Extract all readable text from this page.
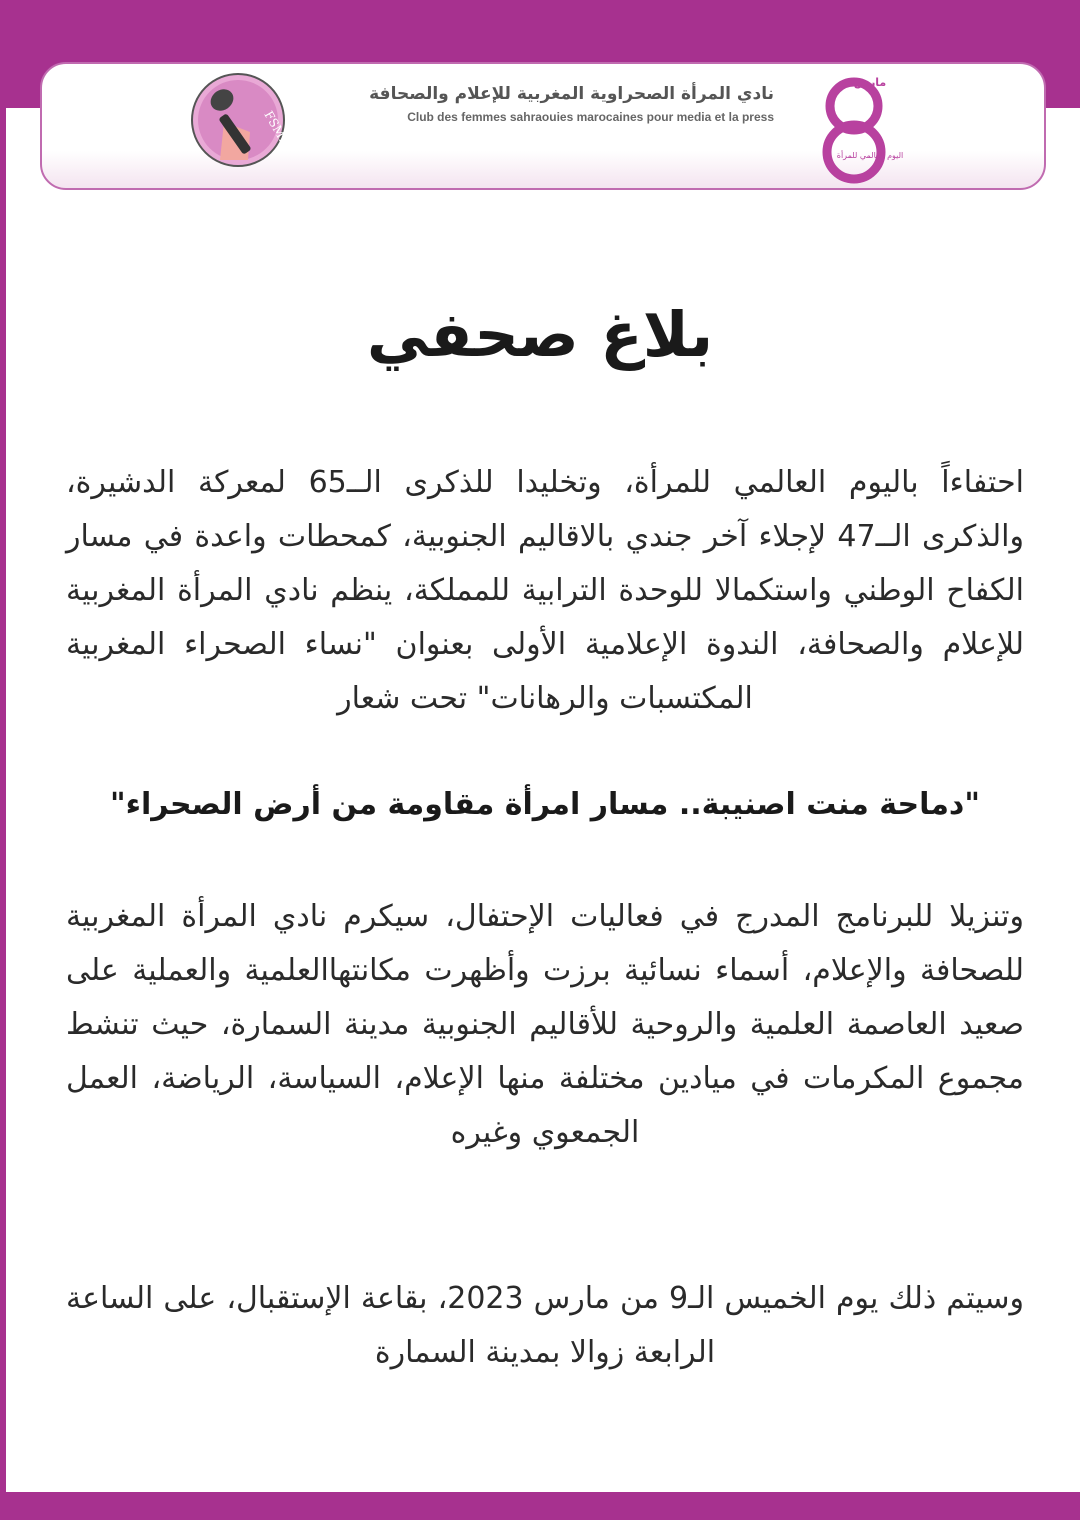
FSMP
نادي المرأة الصحراوية المغربية للإعلام والصحافة
Club des femmes sahraouies marocaines pour media et la press
مارس
اليوم العالمي للمرأة
بلاغ صحفي
احتفاءاً باليوم العالمي للمرأة، وتخليدا للذكرى الــ65 لمعركة الدشيرة، والذكرى الــ47 لإجلاء آخر جندي بالاقاليم الجنوبية، كمحطات واعدة في مسار الكفاح الوطني واستكمالا للوحدة الترابية للمملكة، ينظم نادي المرأة المغربية للإعلام والصحافة، الندوة الإعلامية الأولى بعنوان "نساء الصحراء المغربية المكتسبات والرهانات" تحت شعار
"دماحة منت اصنيبة.. مسار امرأة مقاومة من أرض الصحراء"
وتنزيلا للبرنامج المدرج في فعاليات الإحتفال، سيكرم نادي المرأة المغربية للصحافة والإعلام، أسماء نسائية برزت وأظهرت مكانتهاالعلمية والعملية على صعيد العاصمة العلمية والروحية للأقاليم الجنوبية مدينة السمارة، حيث تنشط مجموع المكرمات في ميادين مختلفة منها الإعلام، السياسة، الرياضة، العمل الجمعوي وغيره
وسيتم ذلك يوم الخميس الـ9 من مارس 2023، بقاعة الإستقبال، على الساعة الرابعة زوالا بمدينة السمارة
